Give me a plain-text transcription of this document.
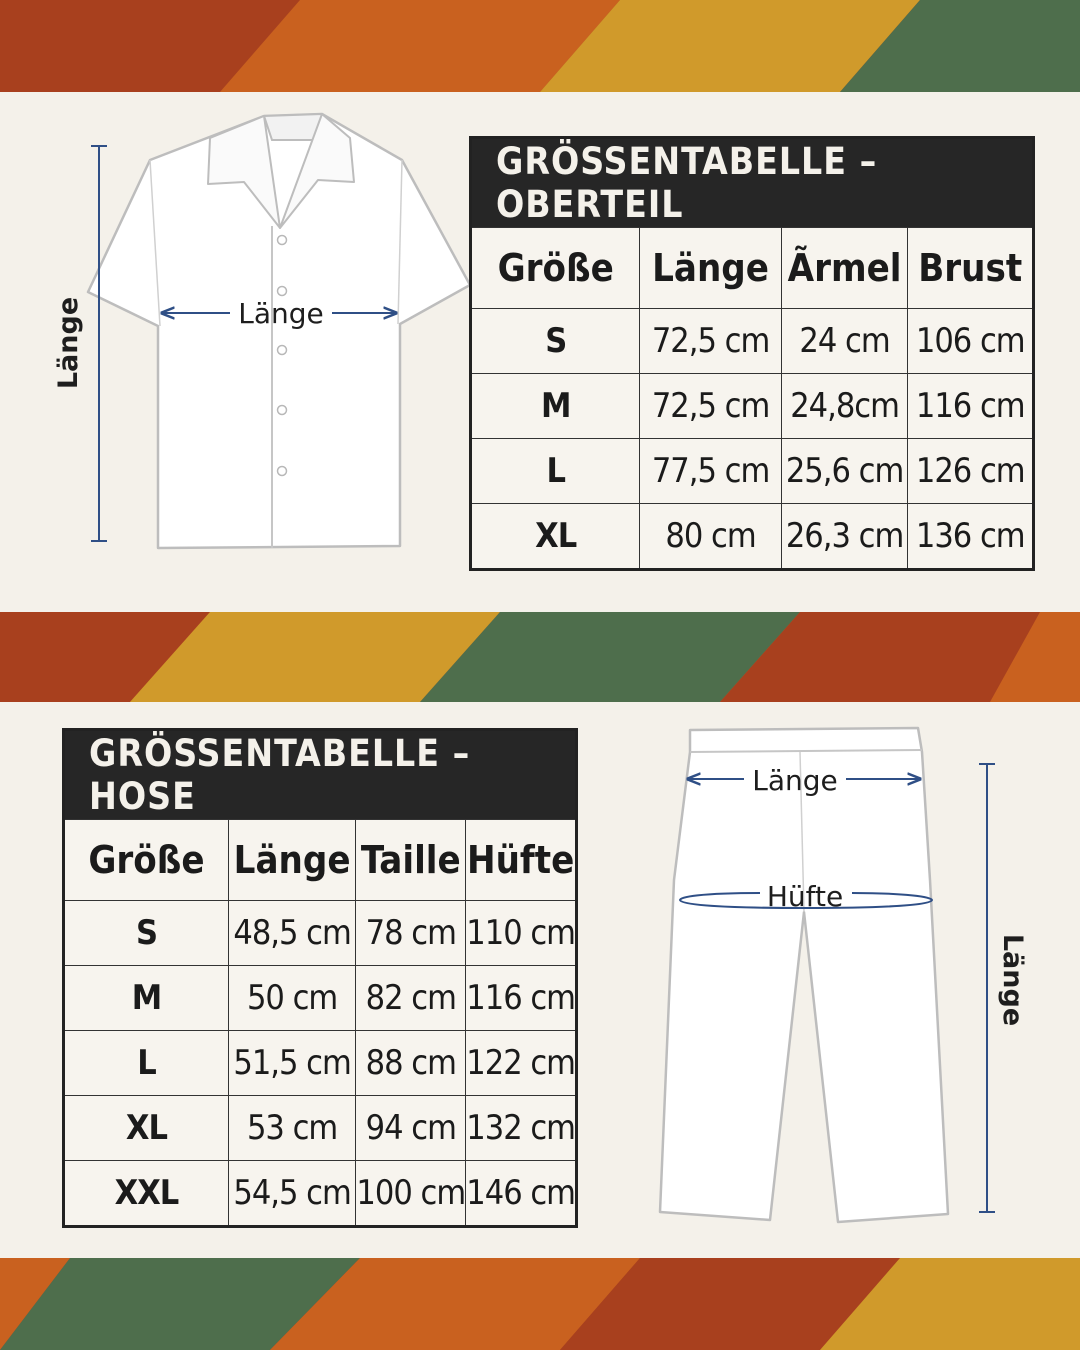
Länge	Länge
Länge
Hüfte
Länge
GRÖSSENTABELLE – OBERTEIL			
Größe	Länge	Ãrmel	Brust
S	72,5 cm	24 cm	106 cm
M	72,5 cm	24,8cm	116 cm
L	77,5 cm	25,6 cm	126 cm
XL	80 cm	26,3 cm	136 cm
GRÖSSENTABELLE – HOSE			
Größe	Länge	Taille	Hüfte
S	48,5 cm	78 cm	110 cm
M	50 cm	82 cm	116 cm
L	51,5 cm	88 cm	122 cm
XL	53 cm	94 cm	132 cm
XXL	54,5 cm	100 cm	146 cm
